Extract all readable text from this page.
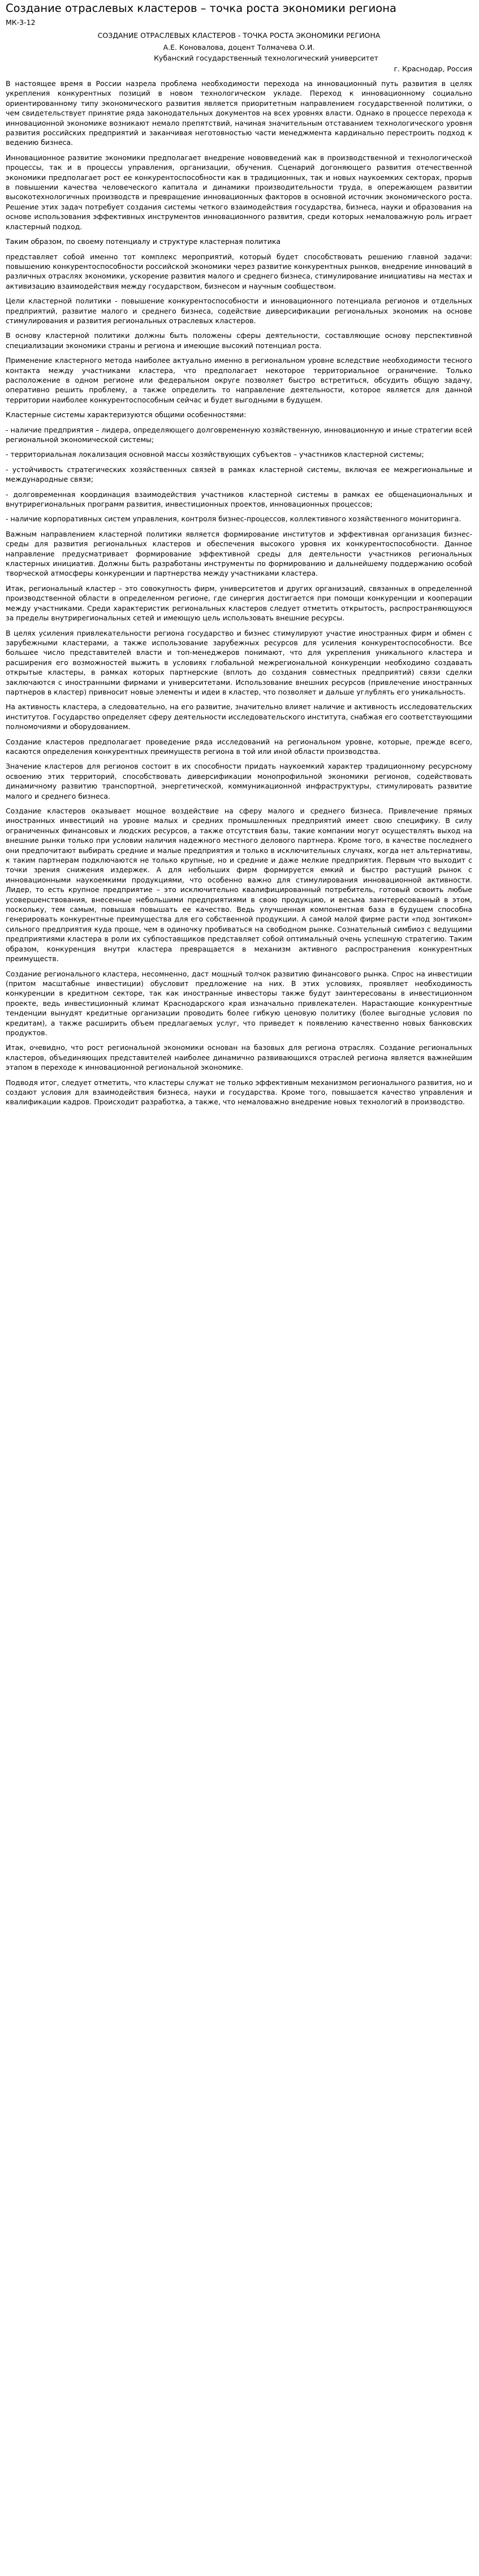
Создание отраслевых кластеров – точка роста экономики региона
МК-3-12
СОЗДАНИЕ ОТРАСЛЕВЫХ КЛАСТЕРОВ - ТОЧКА РОСТА ЭКОНОМИКИ РЕГИОНА
А.Е. Коновалова, доцент Толмачева О.И.
Кубанский государственный технологический университет
г. Краснодар, Россия

В настоящее время в России назрела проблема необходимости перехода на инновационный путь развития в целях укрепления конкурентных позиций в новом технологическом укладе. Переход к инновационному социально ориентированному типу экономического развития является приоритетным направлением государственной политики, о чем свидетельствует принятие ряда законодательных документов на всех уровнях власти. Однако в процессе перехода к инновационной экономике возникают немало препятствий, начиная значительным отставанием технологического уровня развития российских предприятий и заканчивая неготовностью части менеджмента кардинально перестроить подход к ведению бизнеса.

Инновационное развитие экономики предполагает внедрение нововведений как в производственной и технологической процессы, так и в процессы управления, организации, обучения. Сценарий догоняющего развития отечественной экономики предполагает рост ее конкурентоспособности как в традиционных, так и новых наукоемких секторах, прорыв в повышении качества человеческого капитала и динамики производительности труда, в опережающем развитии высокотехнологичных производств и превращение инновационных факторов в основной источник экономического роста. Решение этих задач потребует создания системы четкого взаимодействия государства, бизнеса, науки и образования на основе использования эффективных инструментов инновационного развития, среди которых немаловажную роль играет кластерный подход.

Таким образом, по своему потенциалу и структуре кластерная политика

представляет собой именно тот комплекс мероприятий, который будет способствовать решению главной задачи: повышению конкурентоспособности российской экономики через развитие конкурентных рынков, внедрение инноваций в различных отраслях экономики, ускорение развития малого и среднего бизнеса, стимулирование инициативы на местах и активизацию взаимодействия между государством, бизнесом и научным сообществом.

Цели кластерной политики - повышение конкурентоспособности и инновационного потенциала регионов и отдельных предприятий, развитие малого и среднего бизнеса, содействие диверсификации региональных экономик на основе стимулирования и развития региональных отраслевых кластеров.

В основу кластерной политики должны быть положены сферы деятельности, составляющие основу перспективной специализации экономики страны и региона и имеющие высокий потенциал роста.

Применение кластерного метода наиболее актуально именно в региональном уровне вследствие необходимости тесного контакта между участниками кластера, что предполагает некоторое территориальное ограничение. Только расположение в одном регионе или федеральном округе позволяет быстро встретиться, обсудить общую задачу, оперативно решить проблему, а также определить то направление деятельности, которое является для данной территории наиболее конкурентоспособным сейчас и будет выгодными в будущем.

Кластерные системы характеризуются общими особенностями:

- наличие предприятия – лидера, определяющего долговременную хозяйственную, инновационную и иные стратегии всей региональной экономической системы;

- территориальная локализация основной массы хозяйствующих субъектов – участников кластерной системы;

- устойчивость стратегических хозяйственных связей в рамках кластерной системы, включая ее межрегиональные и международные связи;

- долговременная координация взаимодействия участников кластерной системы в рамках ее общенациональных и внутрирегиональных программ развития, инвестиционных проектов, инновационных процессов;

- наличие корпоративных систем управления, контроля бизнес-процессов, коллективного хозяйственного мониторинга.

Важным направлением кластерной политики является формирование институтов и эффективная организация бизнес-среды для развития региональных кластеров и обеспечения высокого уровня их конкурентоспособности. Данное направление предусматривает формирование эффективной среды для деятельности участников региональных кластерных инициатив. Должны быть разработаны инструменты по формированию и дальнейшему поддержанию особой творческой атмосферы конкуренции и партнерства между участниками кластера.

Итак, региональный кластер – это совокупность фирм, университетов и других организаций, связанных в определенной производственной области в определенном регионе, где синергия достигается при помощи конкуренции и кооперации между участниками. Среди характеристик региональных кластеров следует отметить открытость, распространяющуюся за пределы внутрирегиональных сетей и имеющую цель использовать внешние ресурсы.

В целях усиления привлекательности региона государство и бизнес стимулируют участие иностранных фирм и обмен с зарубежными кластерами, а также использование зарубежных ресурсов для усиления конкурентоспособности. Все большее число представителей власти и топ-менеджеров понимают, что для укрепления уникального кластера и расширения его возможностей выжить в условиях глобальной межрегиональной конкуренции необходимо создавать открытые кластеры, в рамках которых партнерские (вплоть до создания совместных предприятий) связи сделки заключаются с иностранными фирмами и университетами. Использование внешних ресурсов (привлечение иностранных партнеров в кластер) привносит новые элементы и идеи в кластер, что позволяет и дальше углублять его уникальность.

На активность кластера, а следовательно, на его развитие, значительно влияет наличие и активность исследовательских институтов. Государство определяет сферу деятельности исследовательского института, снабжая его соответствующими полномочиями и оборудованием.

Создание кластеров предполагает проведение ряда исследований на региональном уровне, которые, прежде всего, касаются определения конкурентных преимуществ региона в той или иной области производства.

Значение кластеров для регионов состоит в их способности придать наукоемкий характер традиционному ресурсному освоению этих территорий, способствовать диверсификации монопрофильной экономики регионов, содействовать динамичному развитию транспортной, энергетической, коммуникационной инфраструктуры, стимулировать развитие малого и среднего бизнеса.

Создание кластеров оказывает мощное воздействие на сферу малого и среднего бизнеса. Привлечение прямых иностранных инвестиций на уровне малых и средних промышленных предприятий имеет свою специфику. В силу ограниченных финансовых и людских ресурсов, а также отсутствия базы, такие компании могут осуществлять выход на внешние рынки только при условии наличия надежного местного делового партнера. Кроме того, в качестве последнего они предпочитают выбирать средние и малые предприятия и только в исключительных случаях, когда нет альтернативы, к таким партнерам подключаются не только крупные, но и средние и даже мелкие предприятия. Первым что выходит с точки зрения снижения издержек. А для небольших фирм формируется емкий и быстро растущий рынок с инновационными наукоемкими продукциями, что особенно важно для стимулирования инновационной активности. Лидер, то есть крупное предприятие – это исключительно квалифицированный потребитель, готовый освоить любые усовершенствования, внесенные небольшими предприятиями в свою продукцию, и весьма заинтересованный в этом, поскольку, тем самым, повышая повышать ее качество. Ведь улучшенная компонентная база в будущем способна генерировать конкурентные преимущества для его собственной продукции. А самой малой фирме расти «под зонтиком» сильного предприятия куда проще, чем в одиночку пробиваться на свободном рынке. Сознательный симбиоз с ведущими предприятиями кластера в роли их субпоставщиков представляет собой оптимальный очень успешную стратегию. Таким образом, конкуренция внутри кластера превращается в механизм активного распространения конкурентных преимуществ.

Создание регионального кластера, несомненно, даст мощный толчок развитию финансового рынка. Спрос на инвестиции (притом масштабные инвестиции) обусловит предложение на них. В этих условиях, проявляет необходимость конкуренции в кредитном секторе, так как иностранные инвесторы также будут заинтересованы в инвестиционном проекте, ведь инвестиционный климат Краснодарского края изначально привлекателен. Нарастающие конкурентные тенденции вынудят кредитные организации проводить более гибкую ценовую политику (более выгодные условия по кредитам), а также расширить объем предлагаемых услуг, что приведет к появлению качественно новых банковских продуктов.

Итак, очевидно, что рост региональной экономики основан на базовых для региона отраслях. Создание региональных кластеров, объединяющих представителей наиболее динамично развивающихся отраслей региона является важнейшим этапом в переходе к инновационной региональной экономике.

Подводя итог, следует отметить, что кластеры служат не только эффективным механизмом регионального развития, но и создают условия для взаимодействия бизнеса, науки и государства. Кроме того, повышается качество управления и квалификации кадров. Происходит разработка, а также, что немаловажно внедрение новых технологий в производство.
